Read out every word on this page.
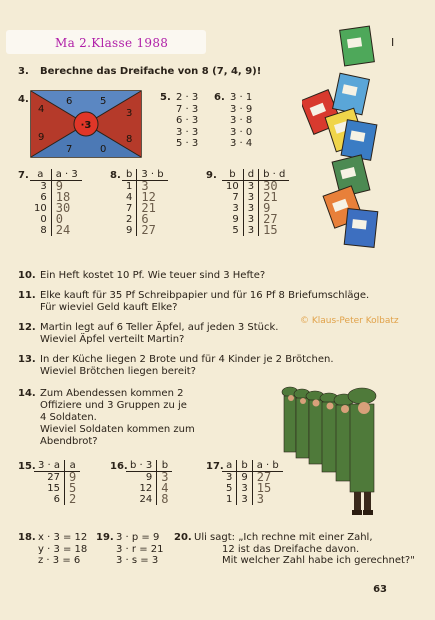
Ma 2.Klasse 1988	I
3. Berechne das Dreifache von 8 (7, 4, 9)!
4.
·3
6	5
4	3
9	8
7	0
5. 2 · 3
7 · 3
6 · 3
3 · 3
5 · 3
6. 3 · 1
3 · 9
3 · 8
3 · 0
3 · 4
7. a	a · 3
3	9
6	18
10	30
0	0
8	24
8. b	3 · b
1	3
4	12
7	21
2	6
9	27
9. b	d	b · d
10	3	30
7	3	21
3	3	9
9	3	27
5	3	15
10. Ein Heft kostet 10 Pf. Wie teuer sind 3 Hefte?
11. Elke kauft für 35 Pf Schreibpapier und für 16 Pf 8 Briefumschläge.
Für wieviel Geld kauft Elke?
12. Martin legt auf 6 Teller Äpfel, auf jeden 3 Stück.
Wieviel Äpfel verteilt Martin?
© Klaus-Peter Kolbatz
13. In der Küche liegen 2 Brote und für 4 Kinder je 2 Brötchen.
Wieviel Brötchen liegen bereit?
14. Zum Abendessen kommen 2
Offiziere und 3 Gruppen zu je
4 Soldaten.
Wieviel Soldaten kommen zum
Abendbrot?
15. 3 · a	a
27	9
15	5
6	2
16. b · 3	b
9	3
12	4
24	8
17. a	b	a · b
3	9	27
5	3	15
1	3	3
18. x · 3 = 12
y · 3 = 18
z · 3 = 6
19. 3 · p = 9
3 · r = 21
3 · s = 3
20. Uli sagt: „Ich rechne mit einer Zahl,
12 ist das Dreifache davon.
Mit welcher Zahl habe ich gerechnet?"
63
